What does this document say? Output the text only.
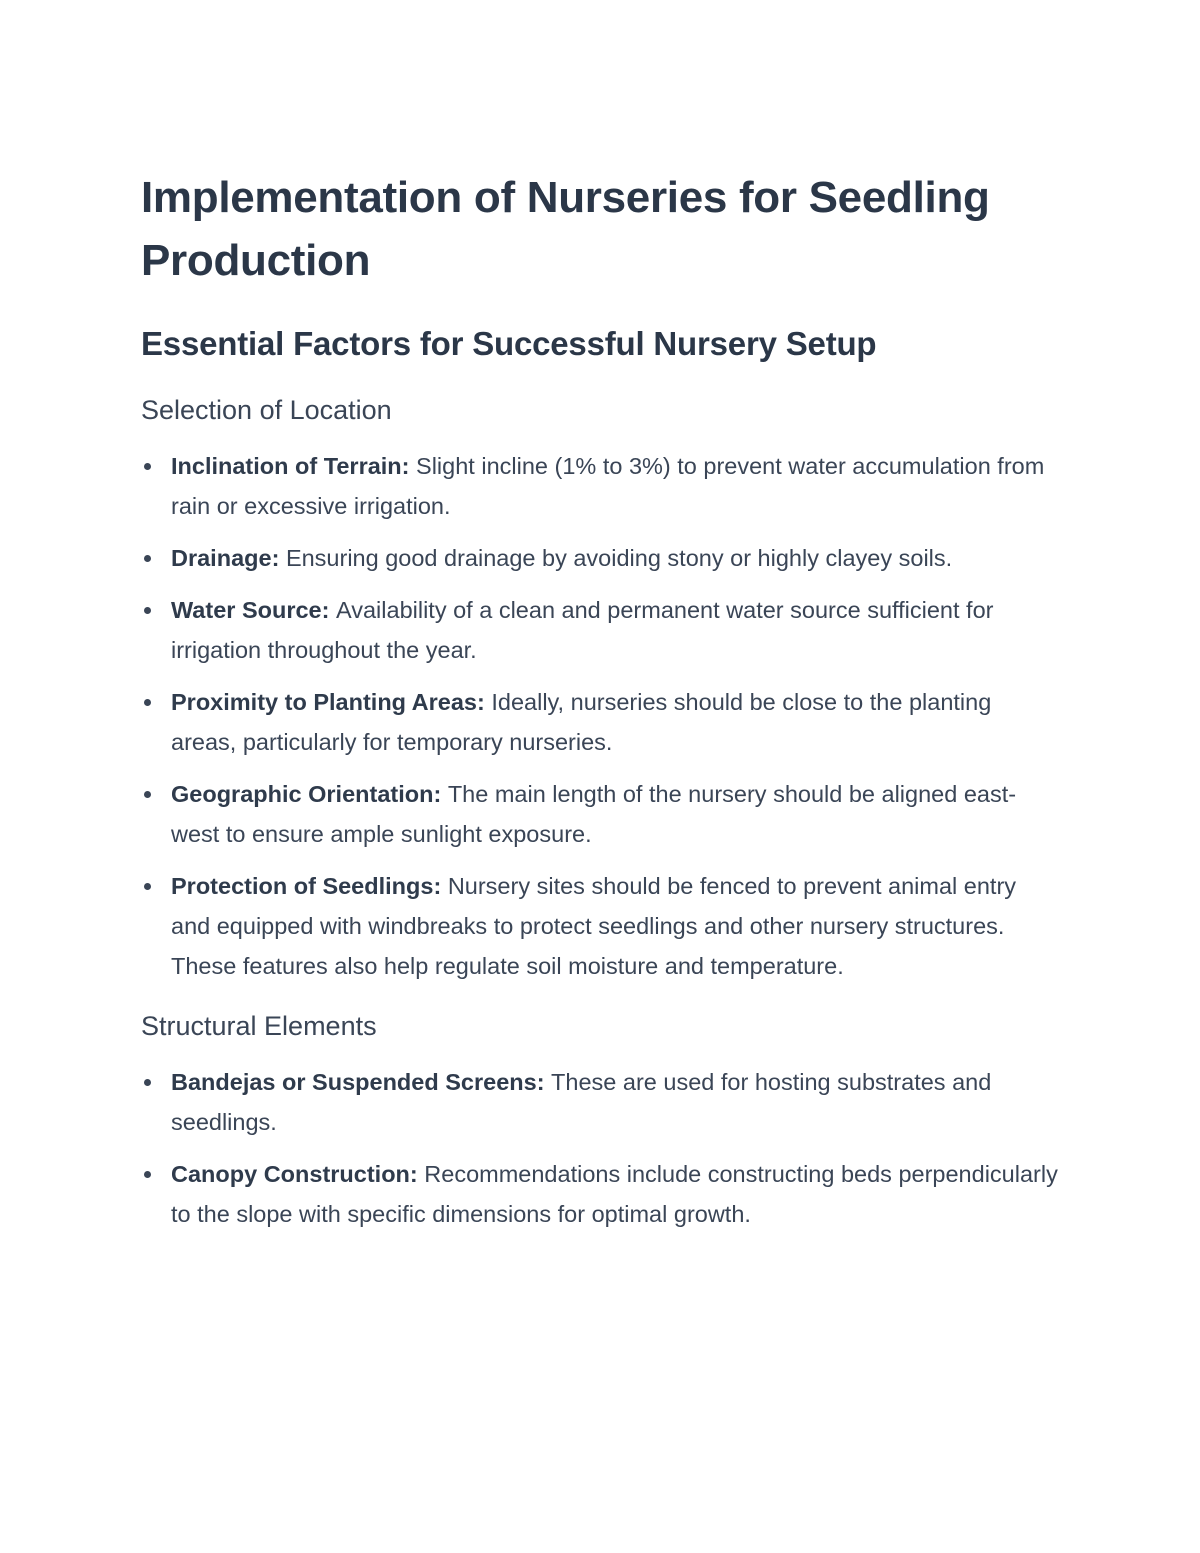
Implementation of Nurseries for Seedling Production
Essential Factors for Successful Nursery Setup
Selection of Location
Inclination of Terrain: Slight incline (1% to 3%) to prevent water accumulation from rain or excessive irrigation.
Drainage: Ensuring good drainage by avoiding stony or highly clayey soils.
Water Source: Availability of a clean and permanent water source sufficient for irrigation throughout the year.
Proximity to Planting Areas: Ideally, nurseries should be close to the planting areas, particularly for temporary nurseries.
Geographic Orientation: The main length of the nursery should be aligned east-west to ensure ample sunlight exposure.
Protection of Seedlings: Nursery sites should be fenced to prevent animal entry and equipped with windbreaks to protect seedlings and other nursery structures. These features also help regulate soil moisture and temperature.
Structural Elements
Bandejas or Suspended Screens: These are used for hosting substrates and seedlings.
Canopy Construction: Recommendations include constructing beds perpendicularly to the slope with specific dimensions for optimal growth.
